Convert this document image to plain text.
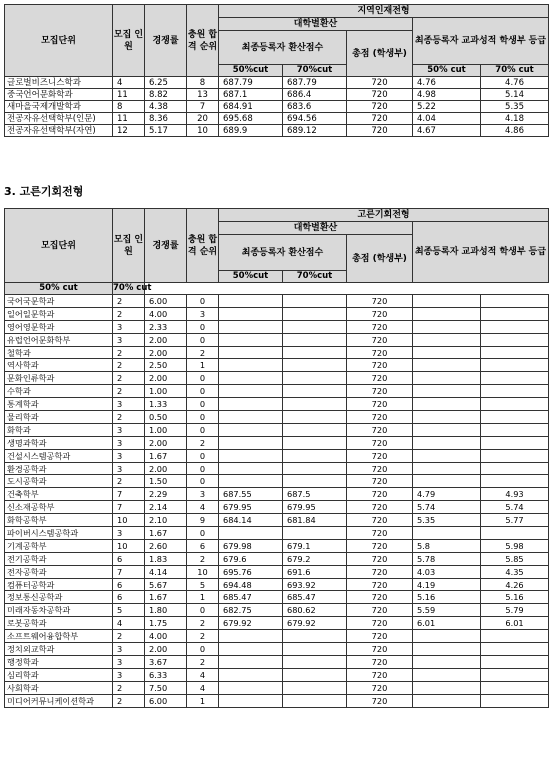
모집단위	모집 인원	경쟁률	충원 합격 순위	지역인재전형				
				대학별환산			최종등록자 교과성적 학생부 등급	
				최종등록자 환산점수		총점 (학생부)		
				50%cut	70%cut		50% cut	70% cut
글로벌비즈니스학과	4	6.25	8	687.79	687.79	720	4.76	4.76
중국언어문화학과	11	8.82	13	687.1	686.4	720	4.98	5.14
새마을국제개발학과	8	4.38	7	684.91	683.6	720	5.22	5.35
전공자유선택학부(인문)	11	8.36	20	695.68	694.56	720	4.04	4.18
전공자유선택학부(자연)	12	5.17	10	689.9	689.12	720	4.67	4.86
3. 고른기회전형
모집단위	모집 인원	경쟁률	충원 합격 순위	고른기회전형				
				대학별환산			최종등록자 교과성적 학생부 등급	
				최종등록자 환산점수		총점 (학생부)		
				50%cut	70%cut			
50% cut	70% cut							
국어국문학과	2	6.00	0			720		
일어일문학과	2	4.00	3			720		
영어영문학과	3	2.33	0			720		
유럽언어문화학부	3	2.00	0			720		
철학과	2	2.00	2			720		
역사학과	2	2.50	1			720		
문화인류학과	2	2.00	0			720		
수학과	2	1.00	0			720		
통계학과	3	1.33	0			720		
물리학과	2	0.50	0			720		
화학과	3	1.00	0			720		
생명과학과	3	2.00	2			720		
건설시스템공학과	3	1.67	0			720		
환경공학과	3	2.00	0			720		
도시공학과	2	1.50	0			720		
건축학부	7	2.29	3	687.55	687.5	720	4.79	4.93
신소재공학부	7	2.14	4	679.95	679.95	720	5.74	5.74
화학공학부	10	2.10	9	684.14	681.84	720	5.35	5.77
파이버시스템공학과	3	1.67	0			720		
기계공학부	10	2.60	6	679.98	679.1	720	5.8	5.98
전기공학과	6	1.83	2	679.6	679.2	720	5.78	5.85
전자공학과	7	4.14	10	695.76	691.6	720	4.03	4.35
컴퓨터공학과	6	5.67	5	694.48	693.92	720	4.19	4.26
정보통신공학과	6	1.67	1	685.47	685.47	720	5.16	5.16
미래자동차공학과	5	1.80	0	682.75	680.62	720	5.59	5.79
로봇공학과	4	1.75	2	679.92	679.92	720	6.01	6.01
소프트웨어융합학부	2	4.00	2			720		
정치외교학과	3	2.00	0			720		
행정학과	3	3.67	2			720		
심리학과	3	6.33	4			720		
사회학과	2	7.50	4			720		
미디어커뮤니케이션학과	2	6.00	1			720		
